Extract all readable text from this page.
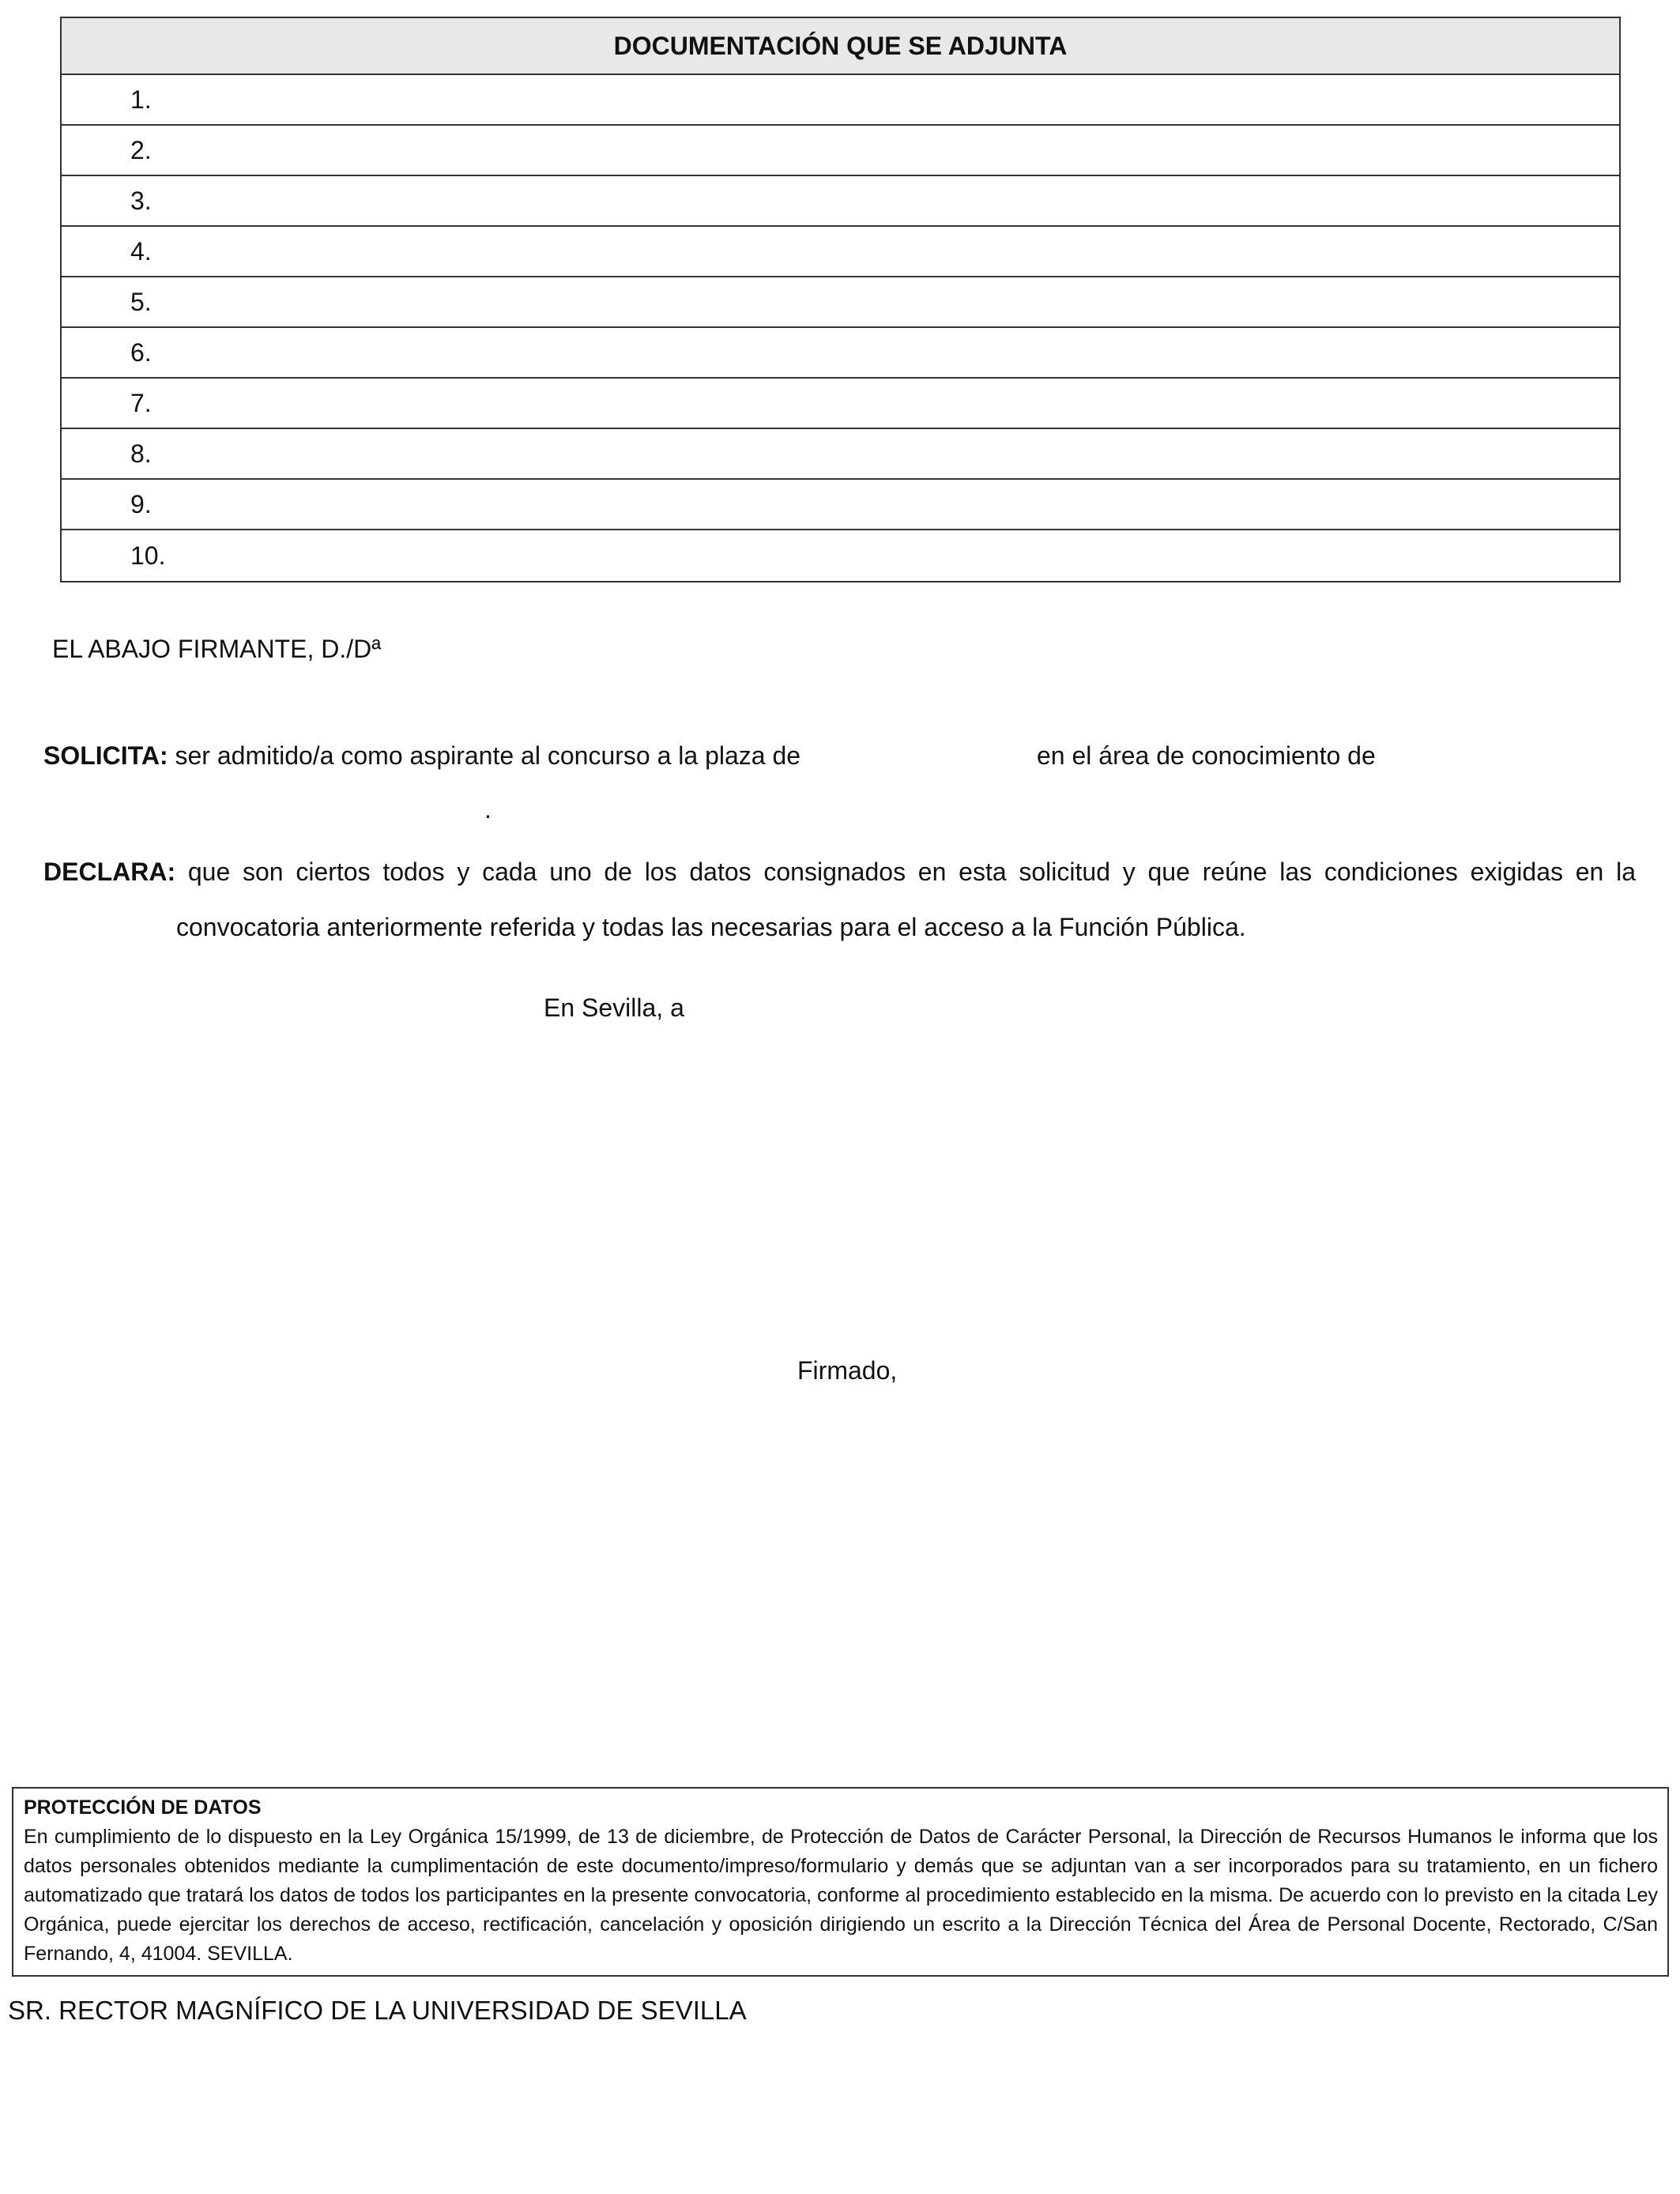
DOCUMENTACIÓN QUE SE ADJUNTA
1.
2.
3.
4.
5.
6.
7.
8.
9.
10.
EL ABAJO FIRMANTE, D./Dª
SOLICITA: ser admitido/a como aspirante al concurso a la plaza de	en el área de conocimiento de
.
DECLARA: que son ciertos todos y cada uno de los datos consignados en esta solicitud y que reúne las condiciones exigidas en la
convocatoria anteriormente referida y todas las necesarias para el acceso a la Función Pública.
En Sevilla, a
Firmado,
PROTECCIÓN DE DATOS
En cumplimiento de lo dispuesto en la Ley Orgánica 15/1999, de 13 de diciembre, de Protección de Datos de Carácter Personal, la Dirección de Recursos Humanos le informa que los datos personales obtenidos mediante la cumplimentación de este documento/impreso/formulario y demás que se adjuntan van a ser incorporados para su tratamiento, en un fichero automatizado que tratará los datos de todos los participantes en la presente convocatoria, conforme al procedimiento establecido en la misma. De acuerdo con lo previsto en la citada Ley Orgánica, puede ejercitar los derechos de acceso, rectificación, cancelación y oposición dirigiendo un escrito a la Dirección Técnica del Área de Personal Docente, Rectorado, C/San Fernando, 4, 41004. SEVILLA.
SR. RECTOR MAGNÍFICO DE LA UNIVERSIDAD DE SEVILLA
